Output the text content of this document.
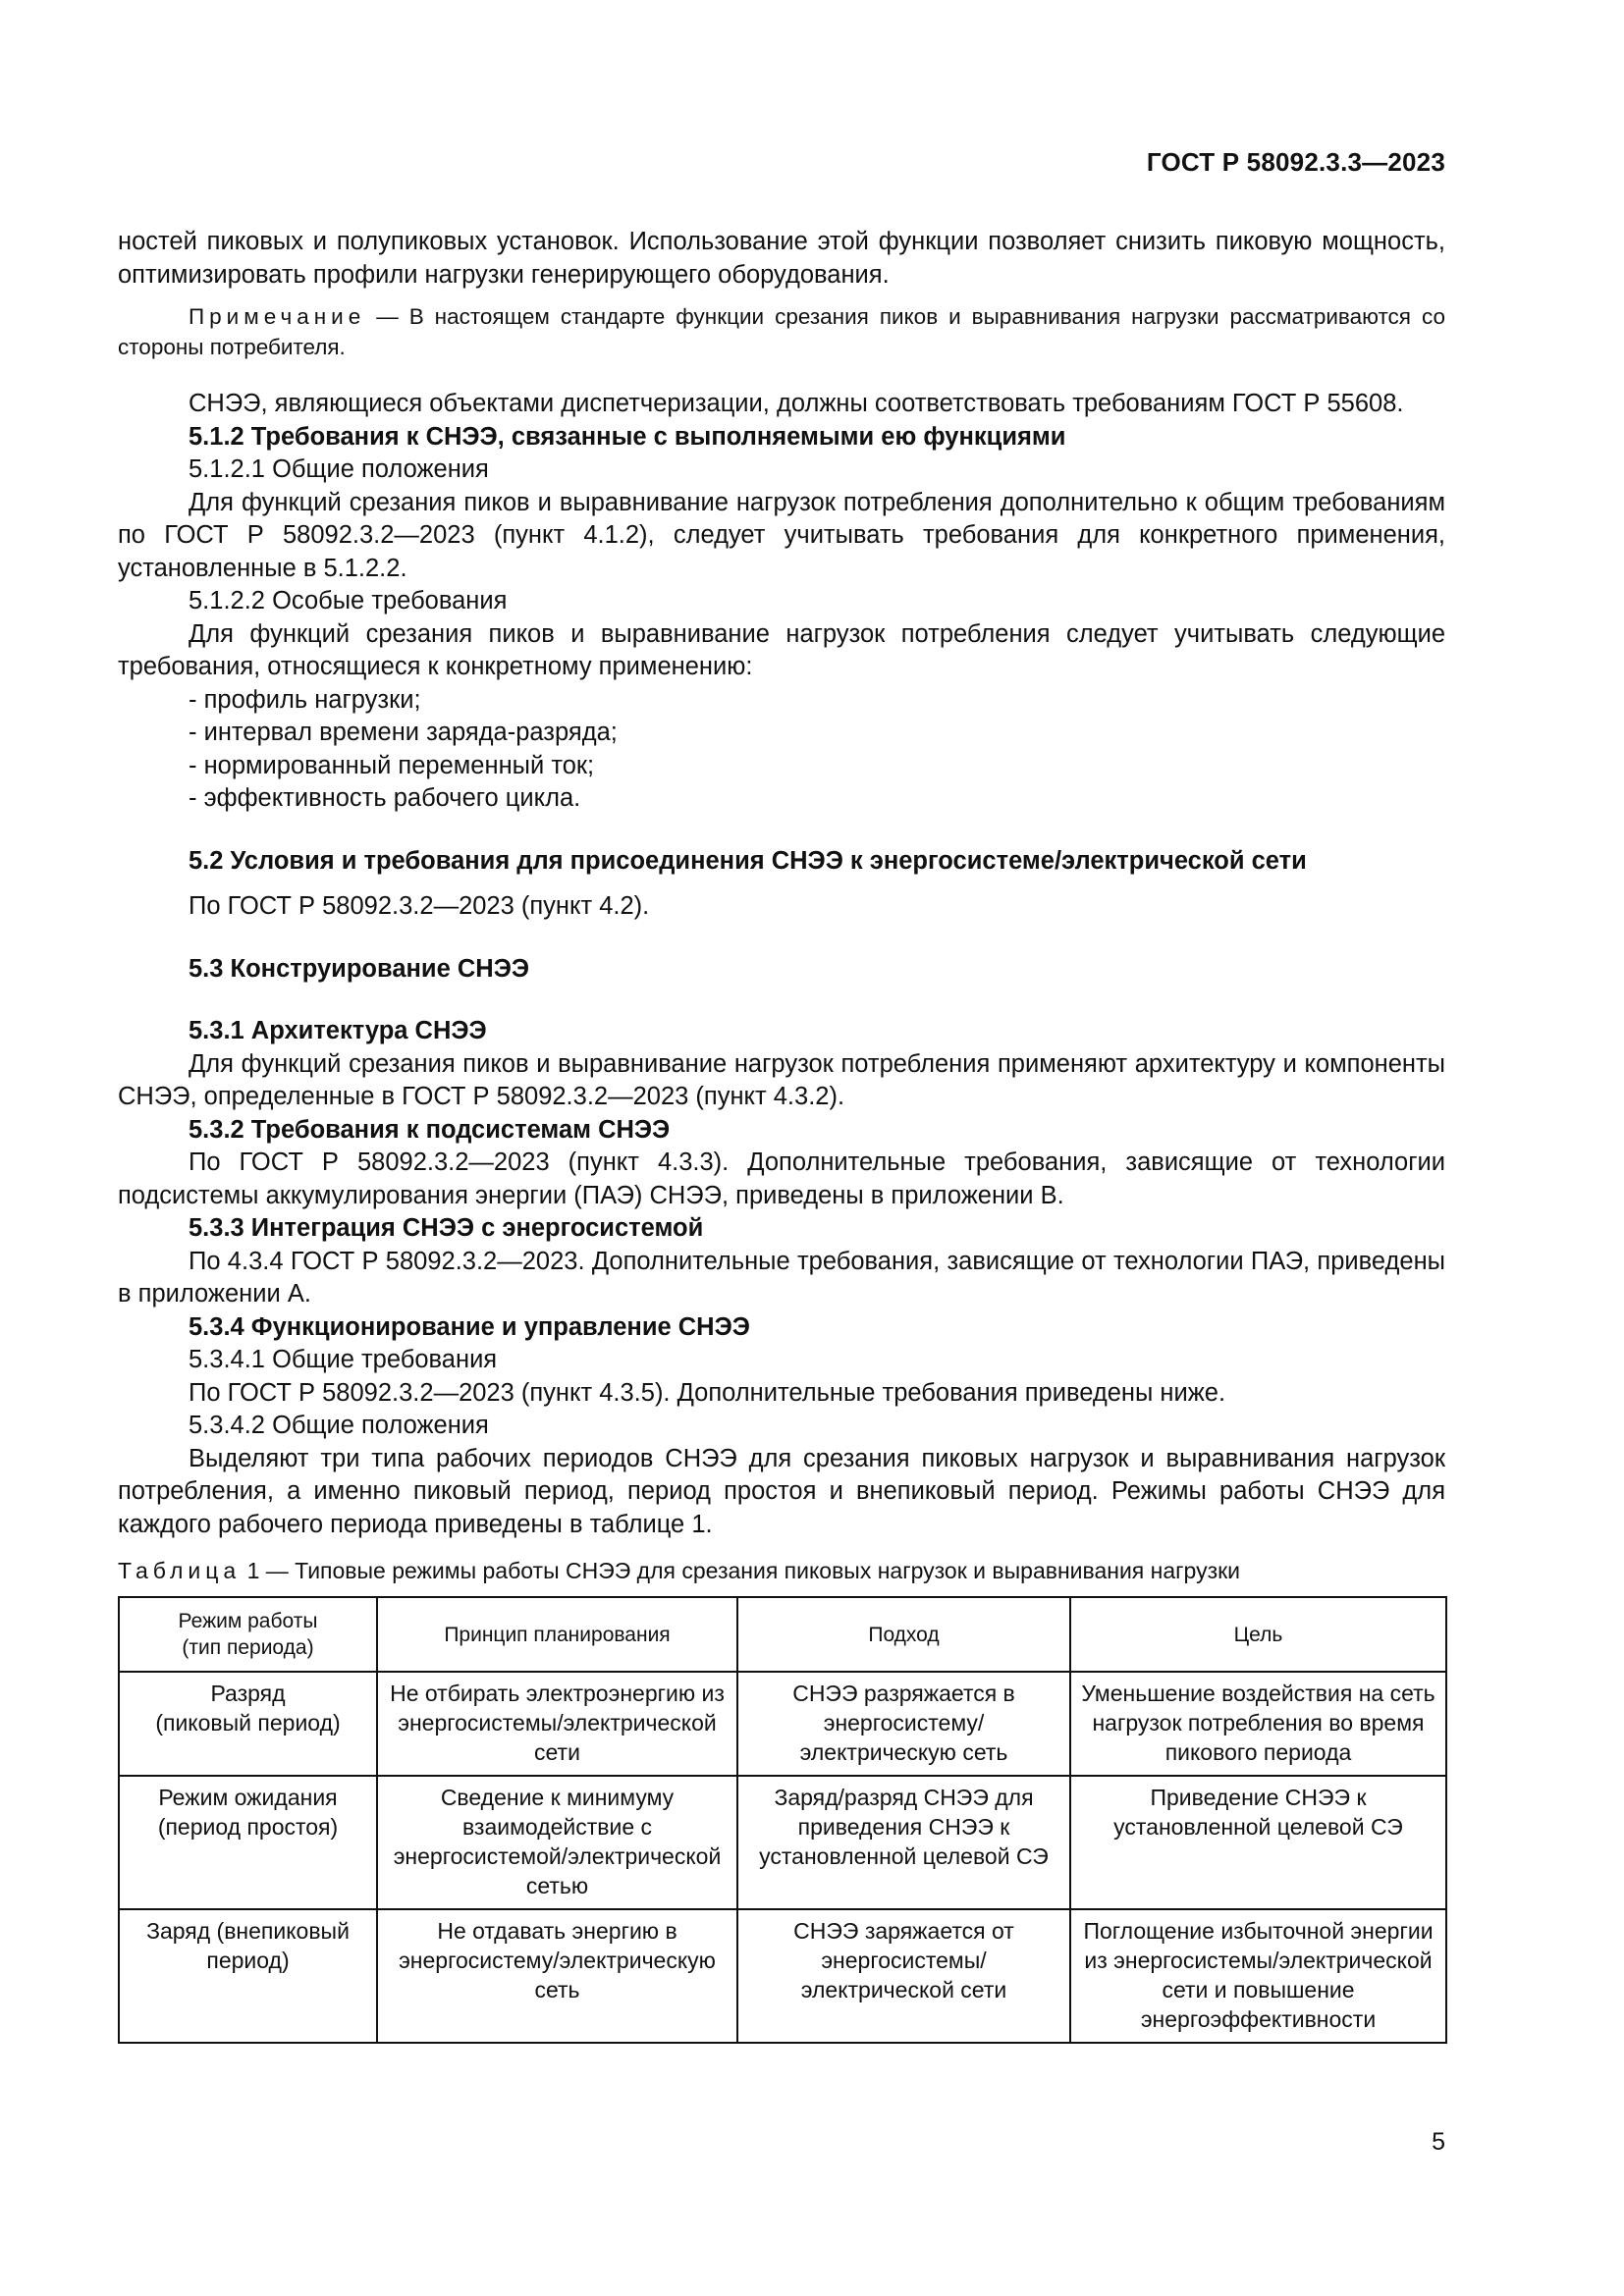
ГОСТ Р 58092.3.3—2023

ностей пиковых и полупиковых установок. Использование этой функции позволяет снизить пиковую мощность, оптимизировать профили нагрузки генерирующего оборудования.

Примечание — В настоящем стандарте функции срезания пиков и выравнивания нагрузки рассматриваются со стороны потребителя.

СНЭЭ, являющиеся объектами диспетчеризации, должны соответствовать требованиям ГОСТ Р 55608.

5.1.2 Требования к СНЭЭ, связанные с выполняемыми ею функциями

5.1.2.1 Общие положения

Для функций срезания пиков и выравнивание нагрузок потребления дополнительно к общим требованиям по ГОСТ Р 58092.3.2—2023 (пункт 4.1.2), следует учитывать требования для конкретного применения, установленные в 5.1.2.2.

5.1.2.2 Особые требования

Для функций срезания пиков и выравнивание нагрузок потребления следует учитывать следующие требования, относящиеся к конкретному применению:

- профиль нагрузки;

- интервал времени заряда-разряда;

- нормированный переменный ток;

- эффективность рабочего цикла.

5.2 Условия и требования для присоединения СНЭЭ к энергосистеме/электрической сети

По ГОСТ Р 58092.3.2—2023 (пункт 4.2).

5.3 Конструирование СНЭЭ

5.3.1 Архитектура СНЭЭ

Для функций срезания пиков и выравнивание нагрузок потребления применяют архитектуру и компоненты СНЭЭ, определенные в ГОСТ Р 58092.3.2—2023 (пункт 4.3.2).

5.3.2 Требования к подсистемам СНЭЭ

По ГОСТ Р 58092.3.2—2023 (пункт 4.3.3). Дополнительные требования, зависящие от технологии подсистемы аккумулирования энергии (ПАЭ) СНЭЭ, приведены в приложении В.

5.3.3 Интеграция СНЭЭ с энергосистемой

По 4.3.4 ГОСТ Р 58092.3.2—2023. Дополнительные требования, зависящие от технологии ПАЭ, приведены в приложении А.

5.3.4 Функционирование и управление СНЭЭ

5.3.4.1 Общие требования

По ГОСТ Р 58092.3.2—2023 (пункт 4.3.5). Дополнительные требования приведены ниже.

5.3.4.2 Общие положения

Выделяют три типа рабочих периодов СНЭЭ для срезания пиковых нагрузок и выравнивания нагрузок потребления, а именно пиковый период, период простоя и внепиковый период. Режимы работы СНЭЭ для каждого рабочего периода приведены в таблице 1.

Таблица 1 — Типовые режимы работы СНЭЭ для срезания пиковых нагрузок и выравнивания нагрузки

Режим работы
(тип периода)	Принцип планирования	Подход	Цель
Разряд
(пиковый период)	Не отбирать электроэнергию из энергосистемы/электрической сети	СНЭЭ разряжается в энергосистему/электрическую сеть	Уменьшение воздействия на сеть нагрузок потребления во время пикового периода
Режим ожидания
(период простоя)	Сведение к минимуму взаимодействие с энергосистемой/электрической сетью	Заряд/разряд СНЭЭ для приведения СНЭЭ к установленной целевой СЭ	Приведение СНЭЭ к установленной целевой СЭ
Заряд (внепиковый период)	Не отдавать энергию в энергосистему/электрическую сеть	СНЭЭ заряжается от энергосистемы/электрической сети	Поглощение избыточной энергии из энергосистемы/электрической сети и повышение энергоэффективности
5
